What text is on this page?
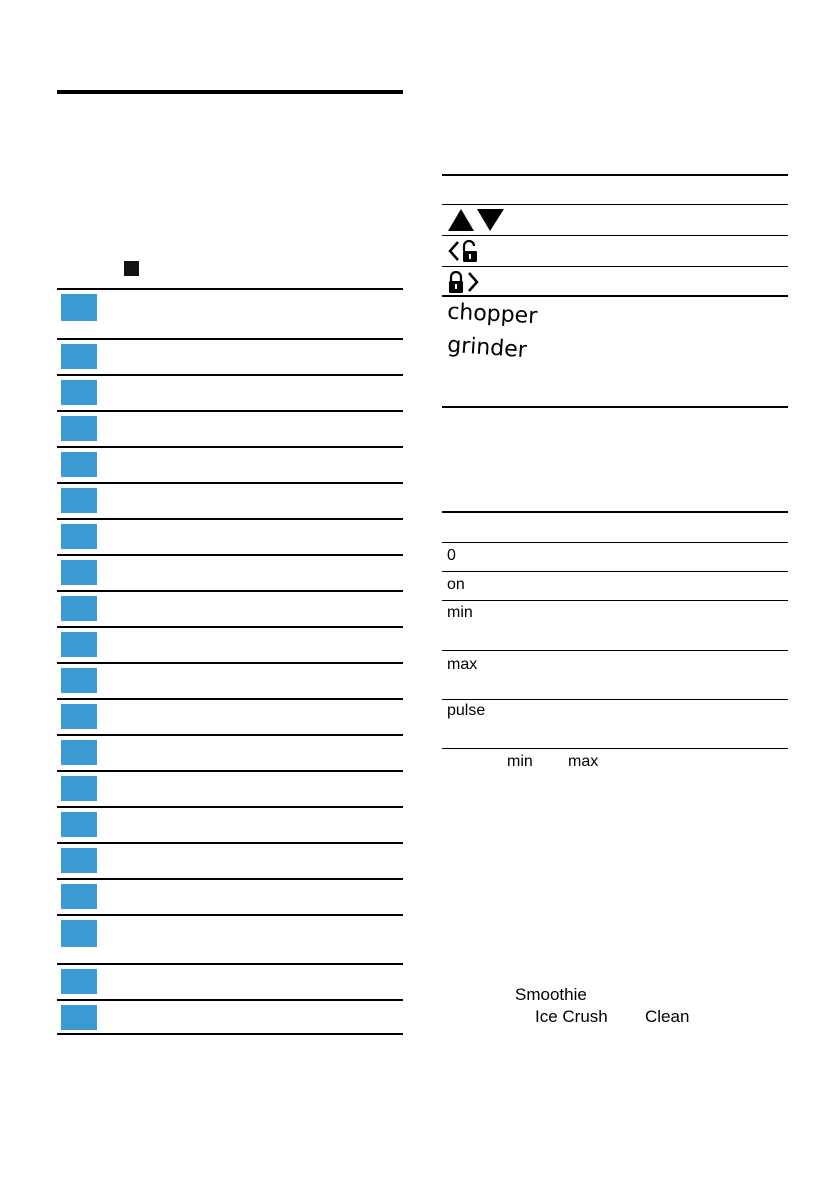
chopper
grinder
0
on
min
max
pulse
min max
Smoothie
Ice Crush Clean
